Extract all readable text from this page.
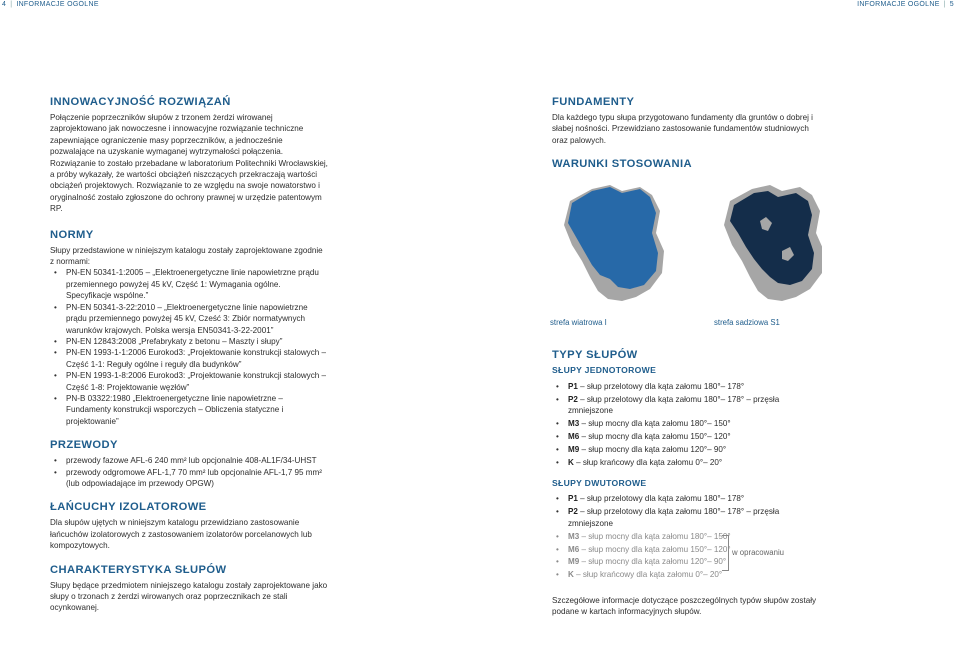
4 | INFORMACJE OGÓLNE	INFORMACJE OGÓLNE | 5
INNOWACYJNOŚĆ ROZWIĄZAŃ

Połączenie poprzeczników słupów z trzonem żerdzi wirowanej zaprojektowano jak nowoczesne i innowacyjne rozwiązanie techniczne zapewniające ograniczenie masy poprzeczników, a jednocześnie pozwalające na uzyskanie wymaganej wytrzymałości połączenia. Rozwiązanie to zostało przebadane w laboratorium Politechniki Wrocławskiej, a próby wykazały, że wartości obciążeń niszczących przekraczają wartości obciążeń projektowych. Rozwiązanie to ze względu na swoje nowatorstwo i oryginalność zostało zgłoszone do ochrony prawnej w urzędzie patentowym RP.

NORMY

Słupy przedstawione w niniejszym katalogu zostały zaprojektowane zgodnie z normami:

• PN-EN 50341-1:2005 – „Elektroenergetyczne linie napowietrzne prądu przemiennego powyżej 45 kV, Część 1: Wymagania ogólne. Specyfikacje wspólne.”
• PN-EN 50341-3-22:2010 – „Elektroenergetyczne linie napowietrzne prądu przemiennego powyżej 45 kV, Cześć 3: Zbiór normatywnych warunków krajowych. Polska wersja EN50341-3-22-2001”
• PN-EN 12843:2008 „Prefabrykaty z betonu – Maszty i słupy”
• PN-EN 1993-1-1:2006 Eurokod3: „Projektowanie konstrukcji stalowych – Część 1-1: Reguły ogólne i reguły dla budynków”
• PN-EN 1993-1-8:2006 Eurokod3: „Projektowanie konstrukcji stalowych – Część 1-8: Projektowanie węzłów”
• PN-B 03322:1980 „Elektroenergetyczne linie napowietrzne – Fundamenty konstrukcji wsporczych – Obliczenia statyczne i projektowanie”
PRZEWODY
• przewody fazowe AFL-6 240 mm² lub opcjonalnie 408-AL1F/34-UHST
• przewody odgromowe AFL-1,7 70 mm² lub opcjonalnie AFL-1,7 95 mm² (lub odpowiadające im przewody OPGW)
ŁAŃCUCHY IZOLATOROWE

Dla słupów ujętych w niniejszym katalogu przewidziano zastosowanie łańcuchów izolatorowych z zastosowaniem izolatorów porcelanowych lub kompozytowych.

CHARAKTERYSTYKA SŁUPÓW

Słupy będące przedmiotem niniejszego katalogu zostały zaprojektowane jako słupy o trzonach z żerdzi wirowanych oraz poprzecznikach ze stali ocynkowanej.

FUNDAMENTY

Dla każdego typu słupa przygotowano fundamenty dla gruntów o dobrej i słabej nośności. Przewidziano zastosowanie fundamentów studniowych oraz palowych.

WARUNKI STOSOWANIA
strefa wiatrowa I	strefa sadziowa S1
TYPY SŁUPÓW
SŁUPY JEDNOTOROWE
• P1 – słup przelotowy dla kąta załomu 180°– 178°
• P2 – słup przelotowy dla kąta załomu 180°– 178° – przęsła zmniejszone
• M3 – słup mocny dla kąta załomu 180°– 150°
• M6 – słup mocny dla kąta załomu 150°– 120°
• M9 – słup mocny dla kąta załomu 120°– 90°
• K – słup krańcowy dla kąta załomu 0°– 20°
SŁUPY DWUTOROWE
• P1 – słup przelotowy dla kąta załomu 180°– 178°
• P2 – słup przelotowy dla kąta załomu 180°– 178° – przęsła zmniejszone
• M3 – słup mocny dla kąta załomu 180°– 150°
• M6 – słup mocny dla kąta załomu 150°– 120°
• M9 – słup mocny dla kąta załomu 120°– 90°
• K – słup krańcowy dla kąta załomu 0°– 20°
w opracowaniu

Szczegółowe informacje dotyczące poszczególnych typów słupów zostały podane w kartach informacyjnych słupów.
